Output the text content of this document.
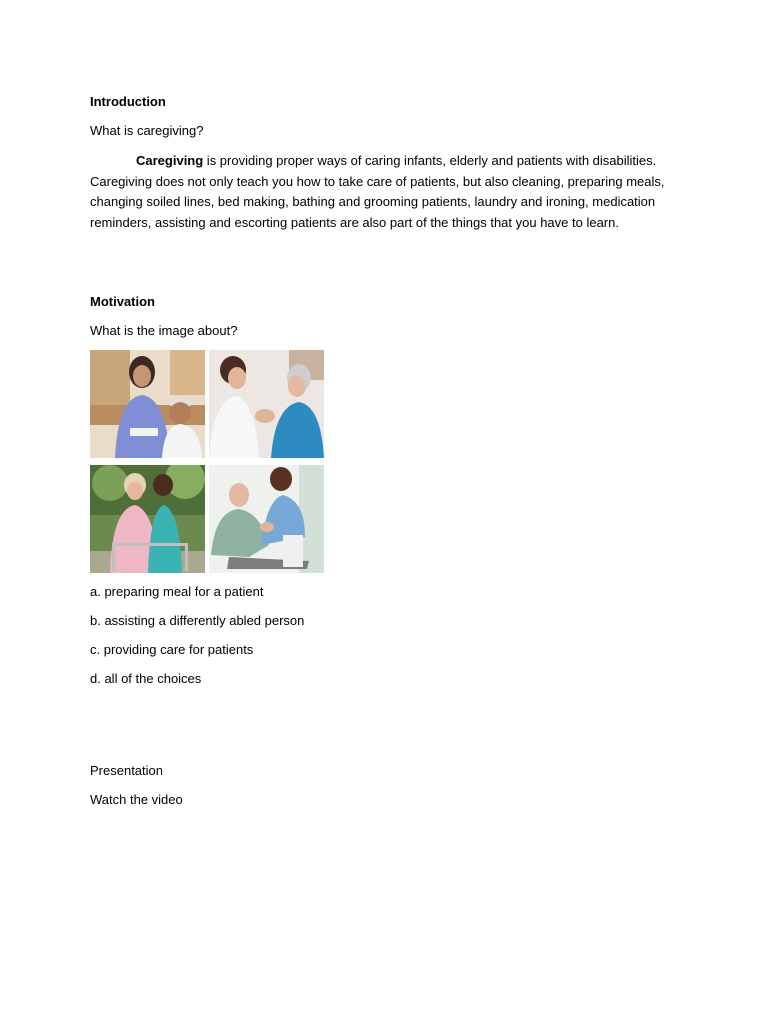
Introduction
What is caregiving?
Caregiving is providing proper ways of caring infants, elderly and patients with disabilities. Caregiving does not only teach you how to take care of patients, but also cleaning, preparing meals, changing soiled lines, bed making, bathing and grooming patients, laundry and ironing, medication reminders, assisting and escorting patients are also part of the things that you have to learn.
Motivation
What is the image about?
a. preparing meal for a patient
b. assisting a differently abled person
c. providing care for patients
d. all of the choices
Presentation
Watch the video
